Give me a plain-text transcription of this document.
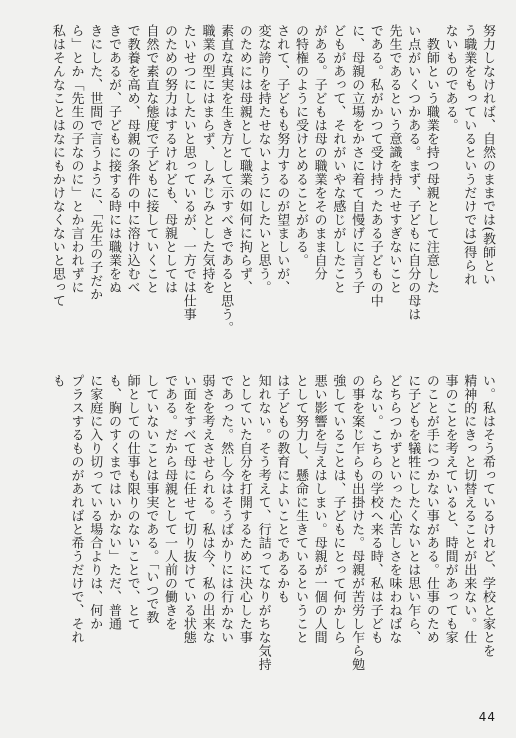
努力しなければ、自然のままでは(教師とい
う職業をもっているというだけでは)得られ
ないものである。
　教師という職業を持つ母親として注意した
い点がいくつかある。まず、子どもに自分の母は
先生であるという意識を持たせすぎないこと
である。私がかつて受け持ったある子どもの中
に、母親の立場をかさに着て自慢げに言う子
どもがあって、それがいやな感じがしたこと
がある。子どもは母の職業をそのまま自分
の特権のように受けとめることがある。
されて、子どもも努力するのが望ましいが、
変な誇りを持たせないようにしたいと思う。
のためには母親として職業の如何に拘らず、
素直な真実を生き方として示すべきであると思う。
職業の型にはまらず、しみじみとした気持を
たいせつにしたいと思っているが、一方では仕事
のための努力はするけれども、母親としては
自然で素直な態度で子どもに接していくこと
で教養を高め、母親の条件の中に溶け込むべ
きであるが、子どもに接する時には職業をぬ
きにした、世間で言うように、「先生の子だか
ら」とか「先生の子なのに」とか言われずに
私はそんなことはなにもかけなくないと思って
い。私はそう希っているけれど、学校と家とを
精神的にきっと切替えることが出来ない。仕
事のことを考えていると、時間があっても家
のことが手につかない事がある。仕事のため
に子どもを犠牲にしたくないとは思い乍ら、
どちらつかずといった心苦しさを味わねばな
らない。こちらの学校へ来る時、私は子ども
の事を案じ乍らも出掛けた。母親が苦労し乍ら勉
強していることは、子どもにとって何かしら
悪い影響を与えはしまい。母親が一個の人間
として努力し、懸命に生きているということ
は子どもの教育によいことであるかも
知れない。そう考えて、行詰ってなりがちな気持
としていた自分を打開するために決心した事
であった。然し今はそうばかりには行かない
弱さを考えさせられる。私は今、私の出来な
い面をすべて母に任せて切り抜けている状態
である。だから母親として一人前の働きを
していないことは事実である。「いつで教
師としての仕事も限りのないことで、とて
も、胸のすくまではいかない」ただ、普通
に家庭に入り切っている場合よりは、何か
プラスするものがあればと希うだけで、それ
も
44
